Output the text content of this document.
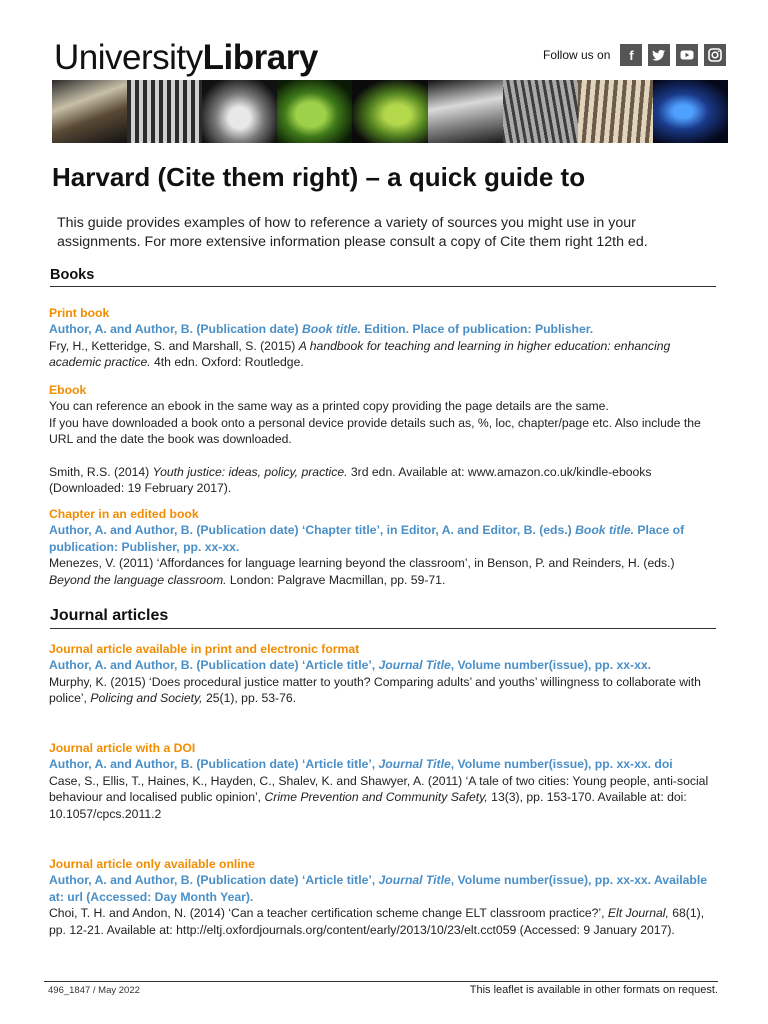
UniversityLibrary	Follow us on	f
Harvard (Cite them right) – a quick guide to

This guide provides examples of how to reference a variety of sources you might use in your assignments. For more extensive information please consult a copy of Cite them right 12th ed.

Books
Print book
Author, A. and Author, B. (Publication date) Book title. Edition. Place of publication: Publisher.
Fry, H., Ketteridge, S. and Marshall, S. (2015) A handbook for teaching and learning in higher education: enhancing academic practice. 4th edn. Oxford: Routledge.
Ebook
You can reference an ebook in the same way as a printed copy providing the page details are the same.
If you have downloaded a book onto a personal device provide details such as, %, loc, chapter/page etc. Also include the URL and the date the book was downloaded.
Smith, R.S. (2014) Youth justice: ideas, policy, practice. 3rd edn. Available at: www.amazon.co.uk/kindle-ebooks (Downloaded: 19 February 2017).
Chapter in an edited book
Author, A. and Author, B. (Publication date) ‘Chapter title’, in Editor, A. and Editor, B. (eds.) Book title. Place of publication: Publisher, pp. xx-xx.
Menezes, V. (2011) ‘Affordances for language learning beyond the classroom’, in Benson, P. and Reinders, H. (eds.) Beyond the language classroom. London: Palgrave Macmillan, pp. 59-71.
Journal articles
Journal article available in print and electronic format
Author, A. and Author, B. (Publication date) ‘Article title’, Journal Title, Volume number(issue), pp. xx-xx.
Murphy, K. (2015) ‘Does procedural justice matter to youth? Comparing adults’ and youths’ willingness to collaborate with police’, Policing and Society, 25(1), pp. 53-76.
Journal article with a DOI
Author, A. and Author, B. (Publication date) ‘Article title’, Journal Title, Volume number(issue), pp. xx-xx. doi
Case, S., Ellis, T., Haines, K., Hayden, C., Shalev, K. and Shawyer, A. (2011) ‘A tale of two cities: Young people, anti-social behaviour and localised public opinion’, Crime Prevention and Community Safety, 13(3), pp. 153-170. Available at: doi: 10.1057/cpcs.2011.2
Journal article only available online
Author, A. and Author, B. (Publication date) ‘Article title’, Journal Title, Volume number(issue), pp. xx-xx. Available at: url (Accessed: Day Month Year).
Choi, T. H. and Andon, N. (2014) ‘Can a teacher certification scheme change ELT classroom practice?’, Elt Journal, 68(1), pp. 12-21. Available at: http://eltj.oxfordjournals.org/content/early/2013/10/23/elt.cct059 (Accessed: 9 January 2017).
496_1847 / May 2022	This leaflet is available in other formats on request.
